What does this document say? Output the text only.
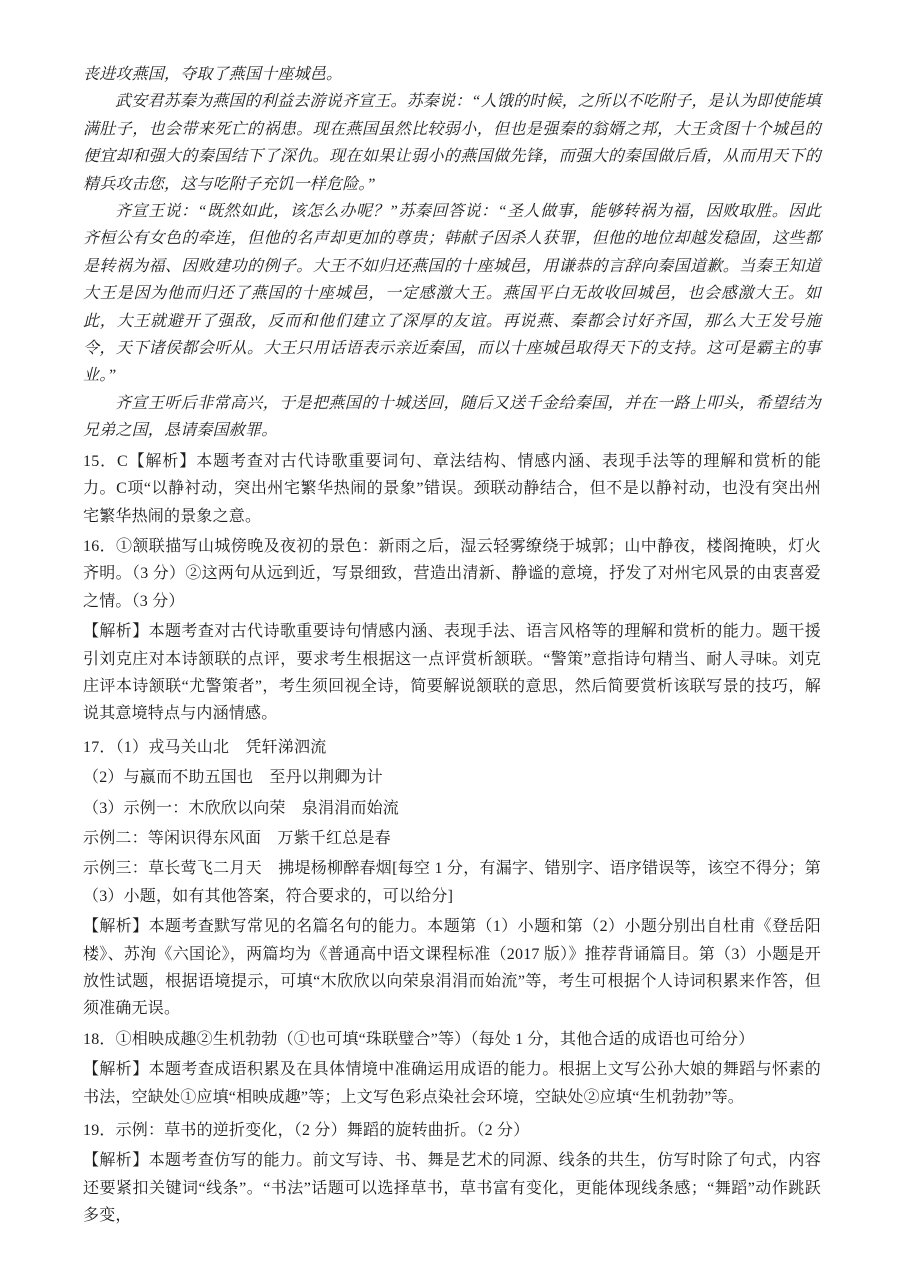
丧进攻燕国，夺取了燕国十座城邑。

武安君苏秦为燕国的利益去游说齐宣王。苏秦说：“人饿的时候，之所以不吃附子，是认为即使能填满肚子，也会带来死亡的祸患。现在燕国虽然比较弱小，但也是强秦的翁婿之邦，大王贪图十个城邑的便宜却和强大的秦国结下了深仇。现在如果让弱小的燕国做先锋，而强大的秦国做后盾，从而用天下的精兵攻击您，这与吃附子充饥一样危险。”

齐宣王说：“既然如此，该怎么办呢？”苏秦回答说：“圣人做事，能够转祸为福，因败取胜。因此齐桓公有女色的牵连，但他的名声却更加的尊贵；韩献子因杀人获罪，但他的地位却越发稳固，这些都是转祸为福、因败建功的例子。大王不如归还燕国的十座城邑，用谦恭的言辞向秦国道歉。当秦王知道大王是因为他而归还了燕国的十座城邑，一定感激大王。燕国平白无故收回城邑，也会感激大王。如此，大王就避开了强敌，反而和他们建立了深厚的友谊。再说燕、秦都会讨好齐国，那么大王发号施令，天下诸侯都会听从。大王只用话语表示亲近秦国，而以十座城邑取得天下的支持。这可是霸主的事业。”

齐宣王听后非常高兴，于是把燕国的十城送回，随后又送千金给秦国，并在一路上叩头，希望结为兄弟之国，恳请秦国赦罪。

15．C【解析】本题考查对古代诗歌重要词句、章法结构、情感内涵、表现手法等的理解和赏析的能力。C项“以静衬动，突出州宅繁华热闹的景象”错误。颈联动静结合，但不是以静衬动，也没有突出州宅繁华热闹的景象之意。

16．①颔联描写山城傍晚及夜初的景色：新雨之后，湿云轻雾缭绕于城郭；山中静夜，楼阁掩映，灯火齐明。（3 分）②这两句从远到近，写景细致，营造出清新、静谧的意境，抒发了对州宅风景的由衷喜爱之情。（3 分）

【解析】本题考查对古代诗歌重要诗句情感内涵、表现手法、语言风格等的理解和赏析的能力。题干援引刘克庄对本诗颔联的点评，要求考生根据这一点评赏析颔联。“警策”意指诗句精当、耐人寻味。刘克庄评本诗颔联“尤警策者”，考生须回视全诗，简要解说颔联的意思，然后简要赏析该联写景的技巧，解说其意境特点与内涵情感。

17．（1）戎马关山北　凭轩涕泗流

（2）与嬴而不助五国也　至丹以荆卿为计

（3）示例一：木欣欣以向荣　泉涓涓而始流

示例二：等闲识得东风面　万紫千红总是春

示例三：草长莺飞二月天　拂堤杨柳醉春烟[每空 1 分，有漏字、错别字、语序错误等，该空不得分；第（3）小题，如有其他答案，符合要求的，可以给分]

【解析】本题考查默写常见的名篇名句的能力。本题第（1）小题和第（2）小题分别出自杜甫《登岳阳楼》、苏洵《六国论》，两篇均为《普通高中语文课程标准（2017 版）》推荐背诵篇目。第（3）小题是开放性试题，根据语境提示，可填“木欣欣以向荣泉涓涓而始流”等，考生可根据个人诗词积累来作答，但须准确无误。

18．①相映成趣②生机勃勃（①也可填“珠联璧合”等）（每处 1 分，其他合适的成语也可给分）

【解析】本题考查成语积累及在具体情境中准确运用成语的能力。根据上文写公孙大娘的舞蹈与怀素的书法，空缺处①应填“相映成趣”等；上文写色彩点染社会环境，空缺处②应填“生机勃勃”等。

19．示例：草书的逆折变化，（2 分）舞蹈的旋转曲折。（2 分）

【解析】本题考查仿写的能力。前文写诗、书、舞是艺术的同源、线条的共生，仿写时除了句式，内容还要紧扣关键词“线条”。“书法”话题可以选择草书，草书富有变化，更能体现线条感；“舞蹈”动作跳跃多变，
